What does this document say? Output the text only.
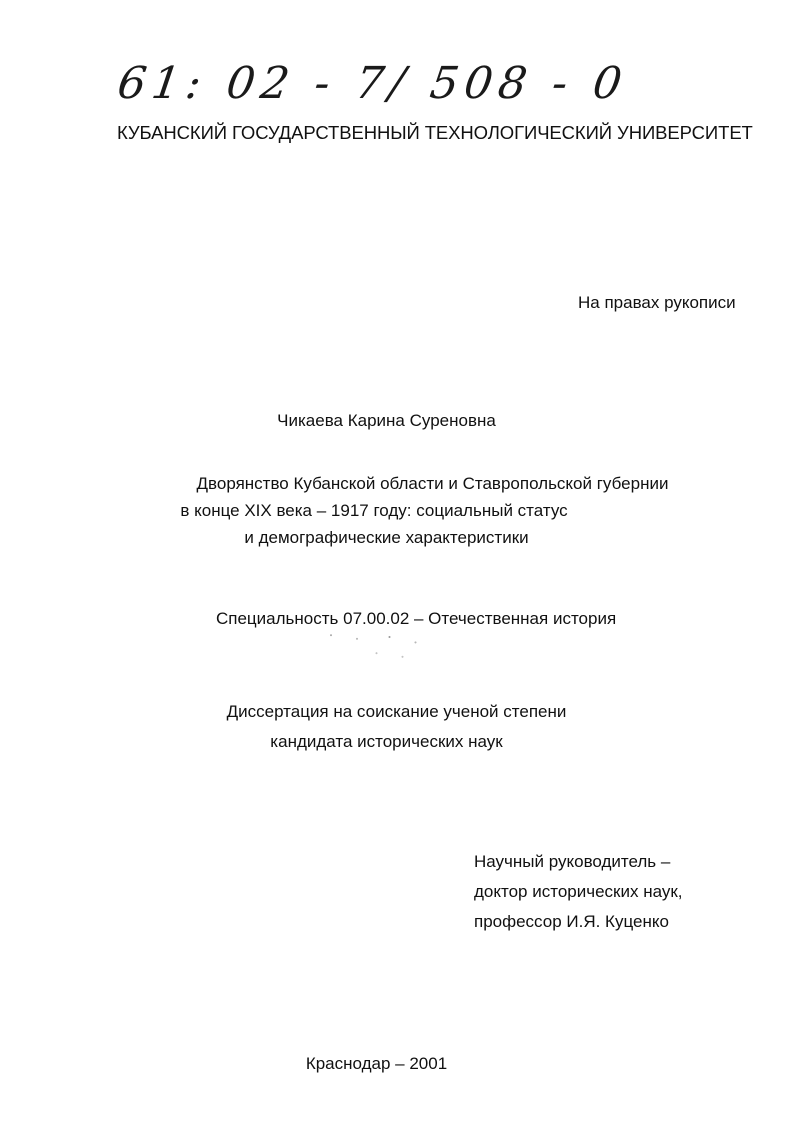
61: 02 - 7/ 508 - 0
КУБАНСКИЙ ГОСУДАРСТВЕННЫЙ ТЕХНОЛОГИЧЕСКИЙ УНИВЕРСИТЕТ
На правах рукописи
Чикаева Карина Суреновна
Дворянство Кубанской области и Ставропольской губернии
в конце XIX века – 1917 году: социальный статус
и демографические характеристики
Специальность 07.00.02 – Отечественная история
Диссертация на соискание ученой степени
кандидата исторических наук
Научный руководитель –
доктор исторических наук,
профессор И.Я. Куценко
Краснодар – 2001
